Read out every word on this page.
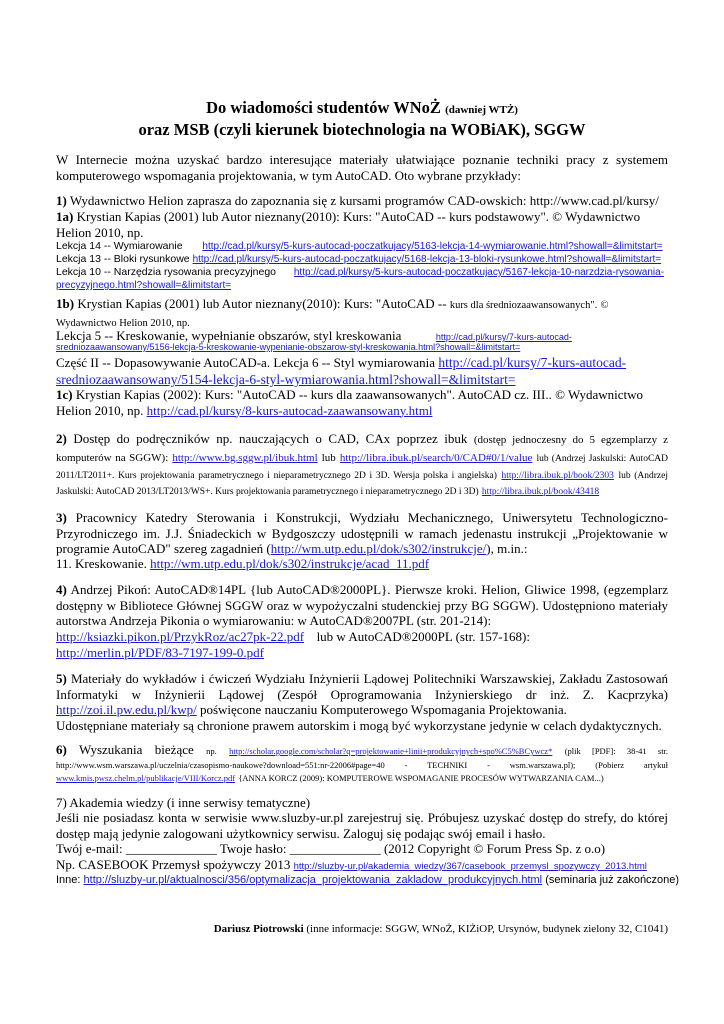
Do wiadomości studentów WNoŻ (dawniej WTŻ)
oraz MSB (czyli kierunek biotechnologia na WOBiAK), SGGW
W Internecie można uzyskać bardzo interesujące materiały ułatwiające poznanie techniki pracy z systemem komputerowego wspomagania projektowania, w tym AutoCAD. Oto wybrane przykłady:
1) Wydawnictwo Helion zaprasza do zapoznania się z kursami programów CAD-owskich: http://www.cad.pl/kursy/
1a) Krystian Kapias (2001) lub Autor nieznany(2010): Kurs: "AutoCAD -- kurs podstawowy". © Wydawnictwo Helion 2010, np.
Lekcja 14 -- Wymiarowanie http://cad.pl/kursy/5-kurs-autocad-poczatkujacy/5163-lekcja-14-wymiarowanie.html?showall=&limitstart=
Lekcja 13 -- Bloki rysunkowe http://cad.pl/kursy/5-kurs-autocad-poczatkujacy/5168-lekcja-13-bloki-rysunkowe.html?showall=&limitstart=
Lekcja 10 -- Narzędzia rysowania precyzyjnego http://cad.pl/kursy/5-kurs-autocad-poczatkujacy/5167-lekcja-10-narzdzia-rysowania-
precyzyjnego.html?showall=&limitstart=
1b) Krystian Kapias (2001) lub Autor nieznany(2010): Kurs: "AutoCAD -- kurs dla średniozaawansowanych". © Wydawnictwo Helion 2010, np.
Lekcja 5 -- Kreskowanie, wypełnianie obszarów, styl kreskowania	http://cad.pl/kursy/7-kurs-autocad-
sredniozaawansowany/5156-lekcja-5-kreskowanie-wypenianie-obszarow-styl-kreskowania.html?showall=&limitstart=
Część II -- Dopasowywanie AutoCAD-a. Lekcja 6 -- Styl wymiarowania http://cad.pl/kursy/7-kurs-autocad-
sredniozaawansowany/5154-lekcja-6-styl-wymiarowania.html?showall=&limitstart=
1c) Krystian Kapias (2002): Kurs: "AutoCAD -- kurs dla zaawansowanych". AutoCAD cz. III.. © Wydawnictwo Helion 2010, np. http://cad.pl/kursy/8-kurs-autocad-zaawansowany.html
2) Dostęp do podręczników np. nauczających o CAD, CAx poprzez ibuk (dostęp jednoczesny do 5 egzemplarzy z komputerów na SGGW): http://www.bg.sggw.pl/ibuk.html lub http://libra.ibuk.pl/search/0/CAD#0/1/value lub (Andrzej Jaskulski: AutoCAD 2011/LT2011+. Kurs projektowania parametrycznego i nieparametrycznego 2D i 3D. Wersja polska i angielska) http://libra.ibuk.pl/book/2303 lub (Andrzej Jaskulski: AutoCAD 2013/LT2013/WS+. Kurs projektowania parametrycznego i nieparametrycznego 2D i 3D) http://libra.ibuk.pl/book/43418
3) Pracownicy Katedry Sterowania i Konstrukcji, Wydziału Mechanicznego, Uniwersytetu Technologiczno-Przyrodniczego im. J.J. Śniadeckich w Bydgoszczy udostępnili w ramach jedenastu instrukcji „Projektowanie w programie AutoCAD" szereg zagadnień (http://wm.utp.edu.pl/dok/s302/instrukcje/), m.in.:
11. Kreskowanie. http://wm.utp.edu.pl/dok/s302/instrukcje/acad_11.pdf
4) Andrzej Pikoń: AutoCAD®14PL {lub AutoCAD®2000PL}. Pierwsze kroki. Helion, Gliwice 1998, (egzemplarz dostępny w Bibliotece Głównej SGGW oraz w wypożyczalni studenckiej przy BG SGGW). Udostępniono materiały autorstwa Andrzeja Pikonia o wymiarowaniu: w AutoCAD®2007PL (str. 201-214):
http://ksiazki.pikon.pl/PrzykRoz/ac27pk-22.pdf lub w AutoCAD®2000PL (str. 157-168):
http://merlin.pl/PDF/83-7197-199-0.pdf
5) Materiały do wykładów i ćwiczeń Wydziału Inżynierii Lądowej Politechniki Warszawskiej, Zakładu Zastosowań Informatyki w Inżynierii Lądowej (Zespół Oprogramowania Inżynierskiego dr inż. Z. Kacprzyka) http://zoi.il.pw.edu.pl/kwp/ poświęcone nauczaniu Komputerowego Wspomagania Projektowania.
Udostępniane materiały są chronione prawem autorskim i mogą być wykorzystane jedynie w celach dydaktycznych.
6) Wyszukania bieżące np. http://scholar.google.com/scholar?q=projektowanie+linii+produkcyjnych+spo%C5%BCywcz* (plik [PDF]: 38-41 str. http://www.wsm.warszawa.pl/uczelnia/czasopismo-naukowe?download=551:nr-22006#page=40 - TECHNIKI - wsm.warszawa.pl); (Pobierz artykuł www.kmis.pwsz.chelm.pl/publikacje/VIII/Korcz.pdf {ANNA KORCZ (2009): KOMPUTEROWE WSPOMAGANIE PROCESÓW WYTWARZANIA CAM...)
7) Akademia wiedzy (i inne serwisy tematyczne)
Jeśli nie posiadasz konta w serwisie www.sluzby-ur.pl zarejestruj się. Próbujesz uzyskać dostęp do strefy, do której dostęp mają jedynie zalogowani użytkownicy serwisu. Zaloguj się podając swój email i hasło.
Twój e-mail: ______________ Twoje hasło: ______________ (2012 Copyright © Forum Press Sp. z o.o)
Np. CASEBOOK Przemysł spożywczy 2013 http://sluzby-ur.pl/akademia_wiedzy/367/casebook_przemysl_spozywczy_2013.html
Inne: http://sluzby-ur.pl/aktualnosci/356/optymalizacja_projektowania_zakladow_produkcyjnych.html (seminaria już zakończone)
Dariusz Piotrowski (inne informacje: SGGW, WNoŻ, KIŻiOP, Ursynów, budynek zielony 32, C1041)
